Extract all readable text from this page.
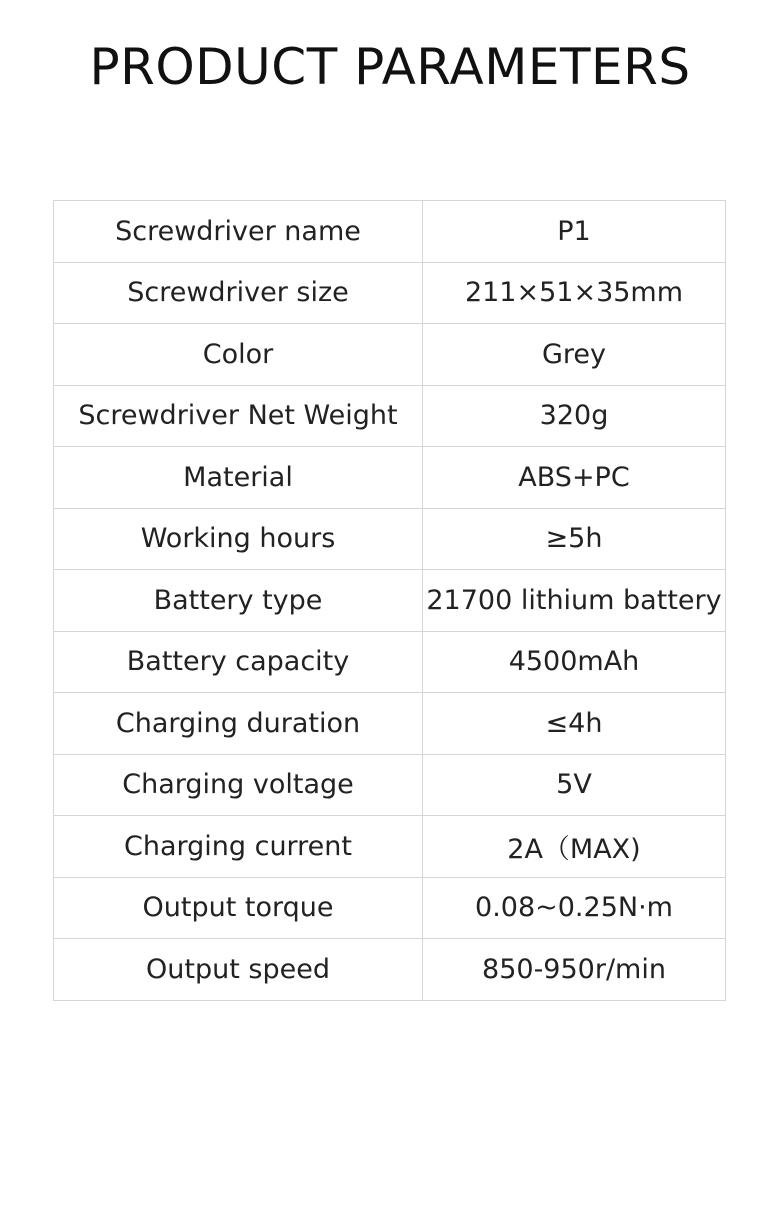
PRODUCT PARAMETERS
Screwdriver name	P1
Screwdriver size	211×51×35mm
Color	Grey
Screwdriver Net Weight	320g
Material	ABS+PC
Working hours	≥5h
Battery type	21700 lithium battery
Battery capacity	4500mAh
Charging duration	≤4h
Charging voltage	5V
Charging current	2A（MAX)
Output torque	0.08~0.25N·m
Output speed	850-950r/min
